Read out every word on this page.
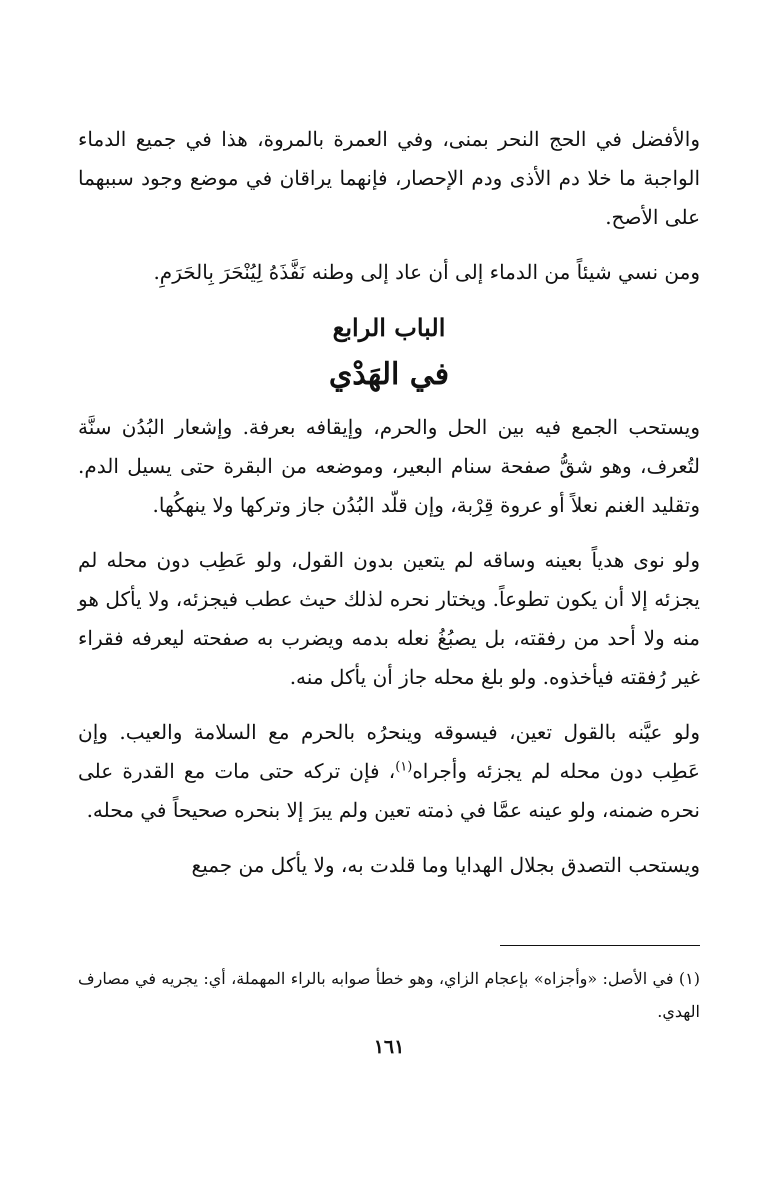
والأفضل في الحج النحر بمنى، وفي العمرة بالمروة، هذا في جميع الدماء الواجبة ما خلا دم الأذى ودم الإحصار، فإنهما يراقان في موضع وجود سببهما على الأصح.

ومن نسي شيئاً من الدماء إلى أن عاد إلى وطنه نَفَّذَهُ لِيُنْحَرَ بِالحَرَمِ.

الباب الرابع
في الهَدْي

ويستحب الجمع فيه بين الحل والحرم، وإيقافه بعرفة. وإشعار البُدُن سنَّة لتُعرف، وهو شقُّ صفحة سنام البعير، وموضعه من البقرة حتى يسيل الدم. وتقليد الغنم نعلاً أو عروة قِرْبة، وإن قلّد البُدُن جاز وتركها ولا ينهكُها.

ولو نوى هدياً بعينه وساقه لم يتعين بدون القول، ولو عَطِب دون محله لم يجزئه إلا أن يكون تطوعاً. ويختار نحره لذلك حيث عطب فيجزئه، ولا يأكل هو منه ولا أحد من رفقته، بل يصبُغُ نعله بدمه ويضرب به صفحته ليعرفه فقراء غير رُفقته فيأخذوه. ولو بلغ محله جاز أن يأكل منه.

ولو عيَّنه بالقول تعين، فيسوقه وينحرُه بالحرم مع السلامة والعيب. وإن عَطِب دون محله لم يجزئه وأجراه$^{(١)}$، فإن تركه حتى مات مع القدرة على نحره ضمنه، ولو عينه عمَّا في ذمته تعين ولم يبرَ إلا بنحره صحيحاً في محله.

ويستحب التصدق بجلال الهدايا وما قلدت به، ولا يأكل من جميع

(١) في الأصل: «وأجزاه» بإعجام الزاي، وهو خطأ صوابه بالراء المهملة، أي: يجريه في مصارف الهدي.
١٦١
